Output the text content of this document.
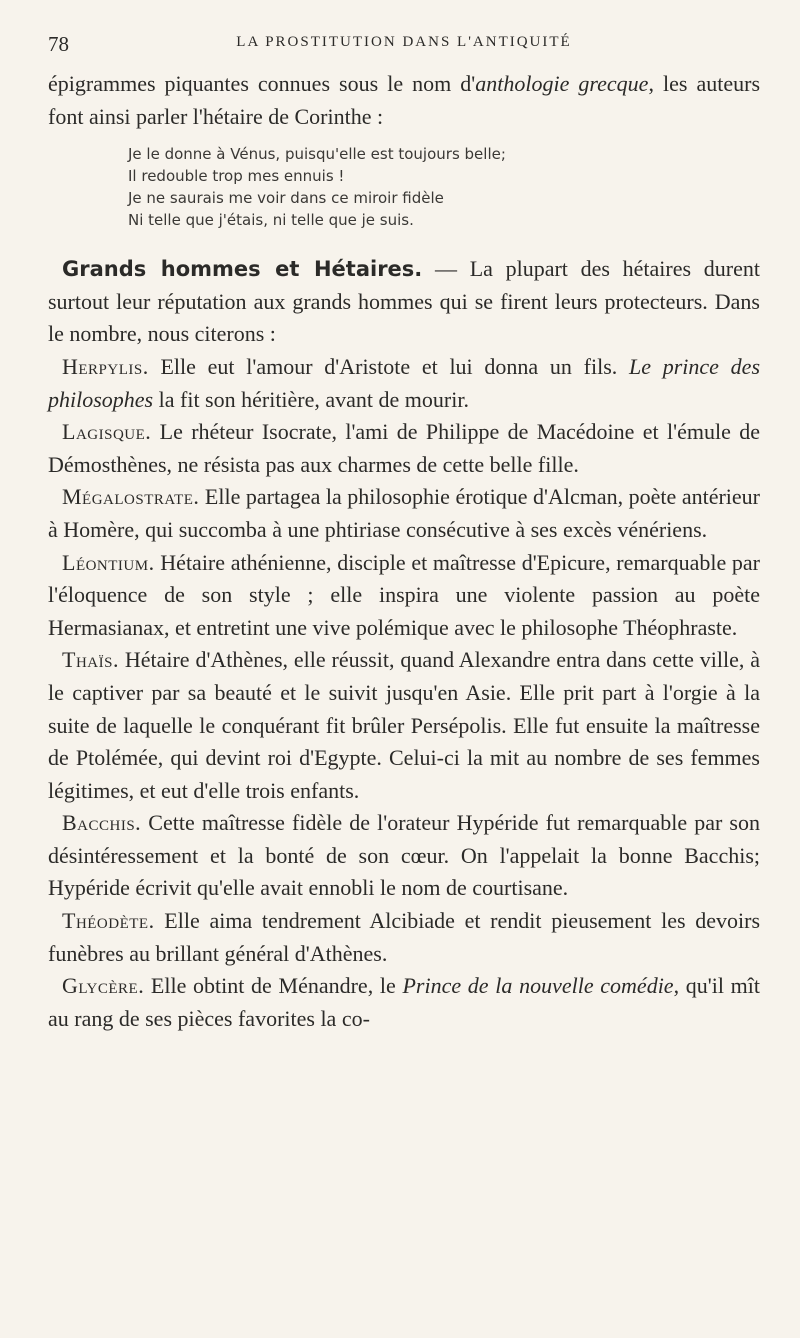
78	LA PROSTITUTION DANS L'ANTIQUITÉ

épigrammes piquantes connues sous le nom d'anthologie grecque, les auteurs font ainsi parler l'hétaire de Corinthe :

Je le donne à Vénus, puisqu'elle est toujours belle;
Il redouble trop mes ennuis !
Je ne saurais me voir dans ce miroir fidèle
Ni telle que j'étais, ni telle que je suis.

Grands hommes et Hétaires. — La plupart des hétaires durent surtout leur réputation aux grands hommes qui se firent leurs protecteurs. Dans le nombre, nous citerons :

Herpylis. Elle eut l'amour d'Aristote et lui donna un fils. Le prince des philosophes la fit son héritière, avant de mourir.

Lagisque. Le rhéteur Isocrate, l'ami de Philippe de Macédoine et l'émule de Démosthènes, ne résista pas aux charmes de cette belle fille.

Mégalostrate. Elle partagea la philosophie érotique d'Alcman, poète antérieur à Homère, qui succomba à une phtiriase consécutive à ses excès vénériens.

Léontium. Hétaire athénienne, disciple et maîtresse d'Epicure, remarquable par l'éloquence de son style ; elle inspira une violente passion au poète Hermasianax, et entretint une vive polémique avec le philosophe Théophraste.

Thaïs. Hétaire d'Athènes, elle réussit, quand Alexandre entra dans cette ville, à le captiver par sa beauté et le suivit jusqu'en Asie. Elle prit part à l'orgie à la suite de laquelle le conquérant fit brûler Persépolis. Elle fut ensuite la maîtresse de Ptolémée, qui devint roi d'Egypte. Celui-ci la mit au nombre de ses femmes légitimes, et eut d'elle trois enfants.

Bacchis. Cette maîtresse fidèle de l'orateur Hypéride fut remarquable par son désintéressement et la bonté de son cœur. On l'appelait la bonne Bacchis; Hypéride écrivit qu'elle avait ennobli le nom de courtisane.

Théodète. Elle aima tendrement Alcibiade et rendit pieusement les devoirs funèbres au brillant général d'Athènes.

Glycère. Elle obtint de Ménandre, le Prince de la nouvelle comédie, qu'il mît au rang de ses pièces favorites la co-
